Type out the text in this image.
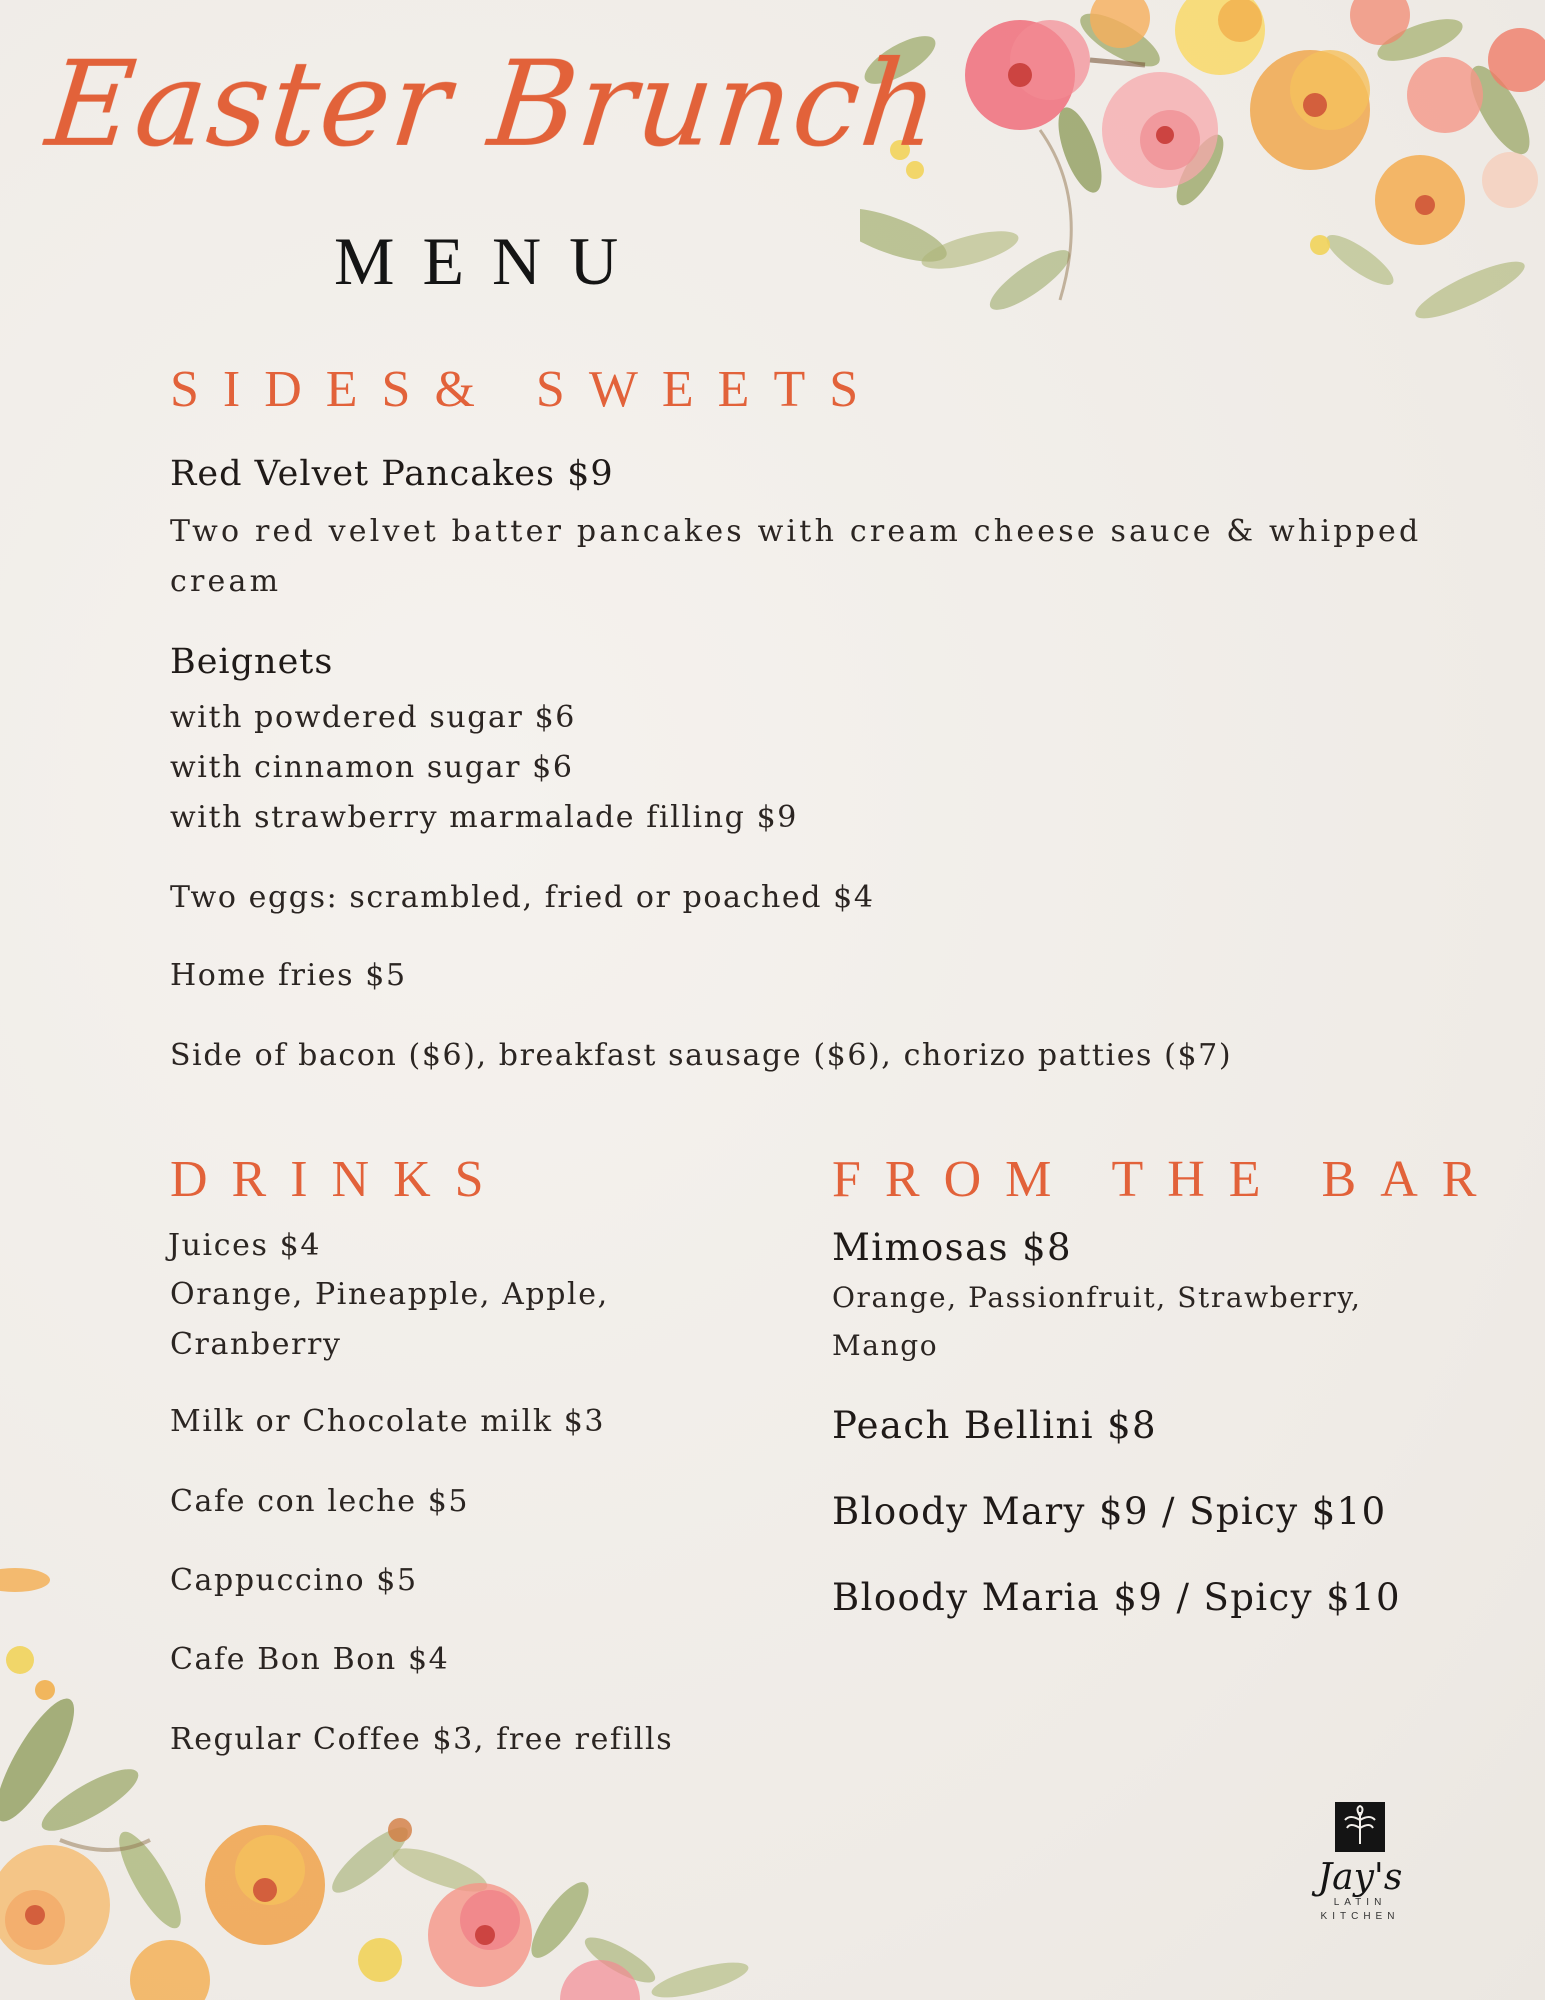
Easter Brunch
MENU
SIDES& SWEETS
Red Velvet Pancakes $9
Two red velvet batter pancakes with cream cheese sauce & whipped cream
Beignets
with powdered sugar $6
with cinnamon sugar $6
with strawberry marmalade filling $9
Two eggs: scrambled, fried or poached $4
Home fries $5
Side of bacon ($6), breakfast sausage ($6), chorizo patties ($7)
DRINKS
Juices $4
Orange, Pineapple, Apple, Cranberry
Milk or Chocolate milk $3
Cafe con leche $5
Cappuccino $5
Cafe Bon Bon $4
Regular Coffee $3, free refills
FROM THE BAR
Mimosas $8
Orange, Passionfruit, Strawberry, Mango
Peach Bellini $8
Bloody Mary $9 / Spicy $10
Bloody Maria $9 / Spicy $10
Jay's
LATIN KITCHEN
